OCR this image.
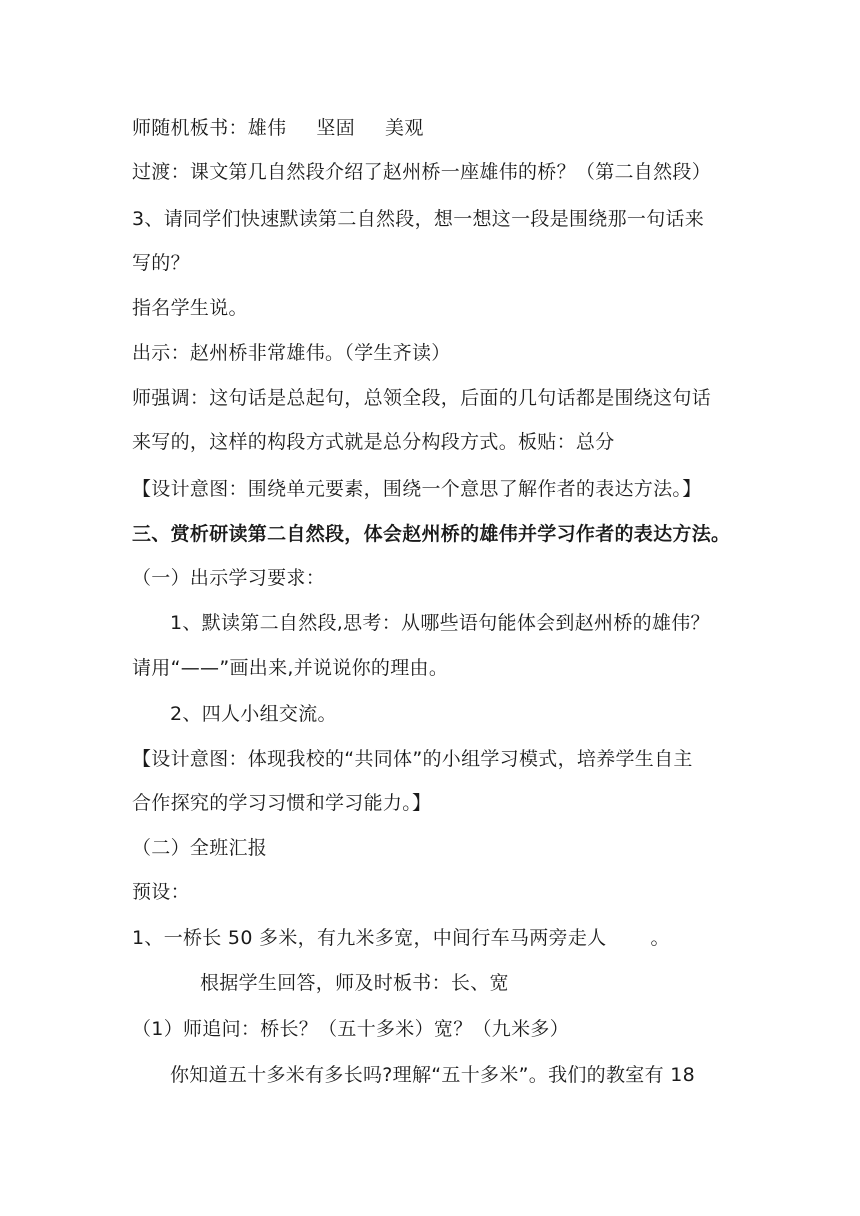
师随机板书：雄伟 坚固 美观
过渡：课文第几自然段介绍了赵州桥一座雄伟的桥？（第二自然段）
3、请同学们快速默读第二自然段，想一想这一段是围绕那一句话来
写的？
指名学生说。
出示：赵州桥非常雄伟。（学生齐读）
师强调：这句话是总起句，总领全段，后面的几句话都是围绕这句话
来写的，这样的构段方式就是总分构段方式。板贴：总分
【设计意图：围绕单元要素，围绕一个意思了解作者的表达方法。】
三、赏析研读第二自然段，体会赵州桥的雄伟并学习作者的表达方法。
（一）出示学习要求：
1、默读第二自然段,思考：从哪些语句能体会到赵州桥的雄伟？
请用“——”画出来,并说说你的理由。
2、四人小组交流。
【设计意图：体现我校的“共同体”的小组学习模式，培养学生自主
合作探究的学习习惯和学习能力。】
（二）全班汇报
预设：
1、一桥长 50 多米，有九米多宽，中间行车马两旁走人 。
根据学生回答，师及时板书：长、宽
（1）师追问：桥长？（五十多米）宽？（九米多）
你知道五十多米有多长吗?理解“五十多米”。我们的教室有 18
